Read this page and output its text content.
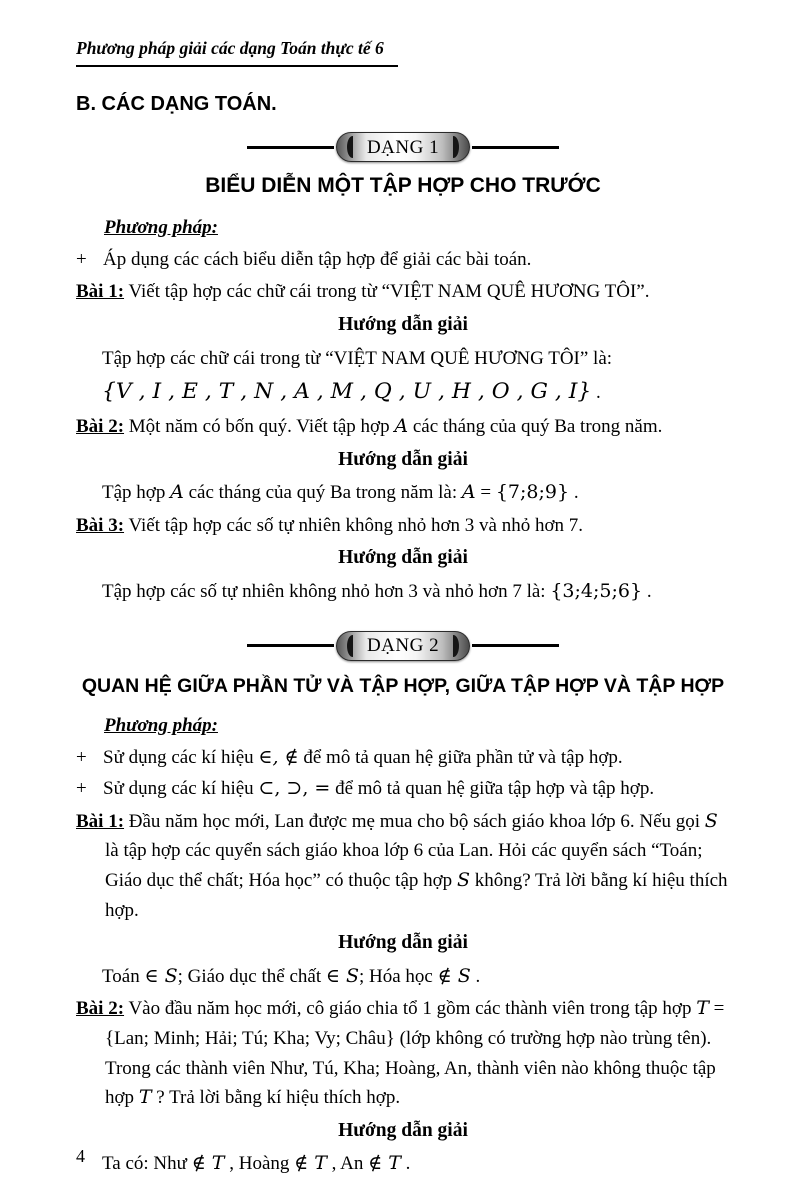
Phương pháp giải các dạng Toán thực tế 6
B. CÁC DẠNG TOÁN.
DẠNG 1
BIỂU DIỄN MỘT TẬP HỢP CHO TRƯỚC

Phương pháp:

+ Áp dụng các cách biểu diễn tập hợp để giải các bài toán.

Bài 1: Viết tập hợp các chữ cái trong từ “VIỆT NAM QUÊ HƯƠNG TÔI”.

Hướng dẫn giải

Tập hợp các chữ cái trong từ “VIỆT NAM QUÊ HƯƠNG TÔI” là:

{V , I , E , T , N , A , M , Q , U , H , O , G , I} .

Bài 2: Một năm có bốn quý. Viết tập hợp A các tháng của quý Ba trong năm.

Hướng dẫn giải

Tập hợp A các tháng của quý Ba trong năm là: A = {7;8;9} .

Bài 3: Viết tập hợp các số tự nhiên không nhỏ hơn 3 và nhỏ hơn 7.

Hướng dẫn giải

Tập hợp các số tự nhiên không nhỏ hơn 3 và nhỏ hơn 7 là: {3;4;5;6} .

DẠNG 2
QUAN HỆ GIỮA PHẦN TỬ VÀ TẬP HỢP, GIỮA TẬP HỢP VÀ TẬP HỢP

Phương pháp:

+ Sử dụng các kí hiệu ∈, ∉ để mô tả quan hệ giữa phần tử và tập hợp.

+ Sử dụng các kí hiệu ⊂, ⊃, = để mô tả quan hệ giữa tập hợp và tập hợp.

Bài 1: Đầu năm học mới, Lan được mẹ mua cho bộ sách giáo khoa lớp 6. Nếu gọi S là tập hợp các quyển sách giáo khoa lớp 6 của Lan. Hỏi các quyển sách “Toán; Giáo dục thể chất; Hóa học” có thuộc tập hợp S không? Trả lời bằng kí hiệu thích hợp.

Hướng dẫn giải

Toán ∈ S; Giáo dục thể chất ∈ S; Hóa học ∉ S .

Bài 2: Vào đầu năm học mới, cô giáo chia tổ 1 gồm các thành viên trong tập hợp T = {Lan; Minh; Hải; Tú; Kha; Vy; Châu} (lớp không có trường hợp nào trùng tên). Trong các thành viên Như, Tú, Kha; Hoàng, An, thành viên nào không thuộc tập hợp T ? Trả lời bằng kí hiệu thích hợp.

Hướng dẫn giải

Ta có: Như ∉ T , Hoàng ∉ T , An ∉ T .

4
